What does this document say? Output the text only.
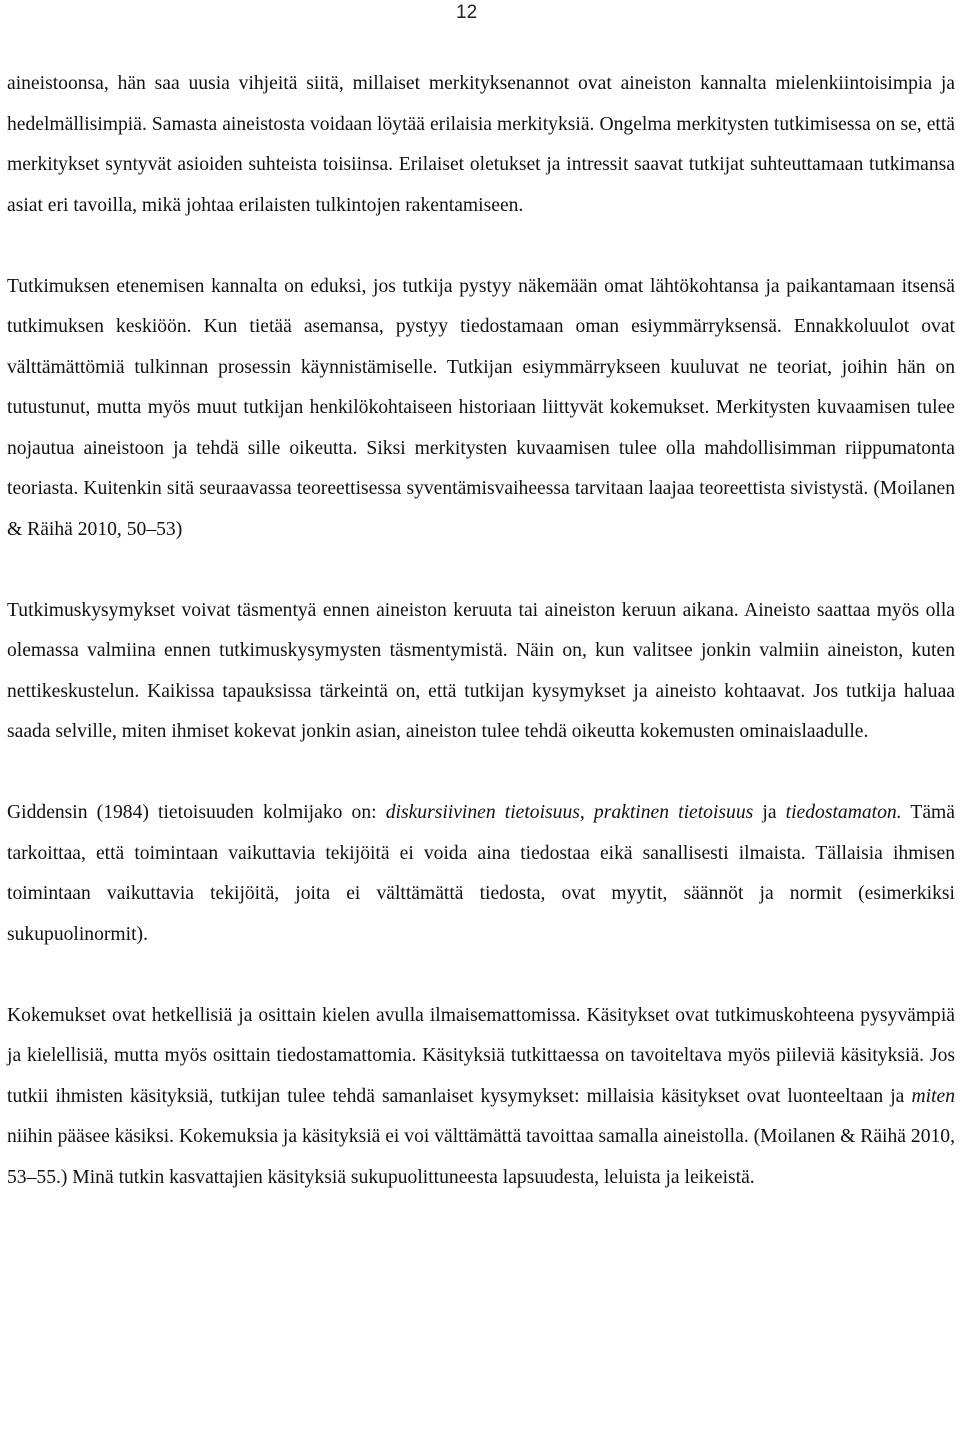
12

aineistoonsa, hän saa uusia vihjeitä siitä, millaiset merkityksenannot ovat aineiston kannalta mielenkiintoisimpia ja hedelmällisimpiä. Samasta aineistosta voidaan löytää erilaisia merkityksiä. Ongelma merkitysten tutkimisessa on se, että merkitykset syntyvät asioiden suhteista toisiinsa. Erilaiset oletukset ja intressit saavat tutkijat suhteuttamaan tutkimansa asiat eri tavoilla, mikä johtaa erilaisten tulkintojen rakentamiseen.

Tutkimuksen etenemisen kannalta on eduksi, jos tutkija pystyy näkemään omat lähtökohtansa ja paikantamaan itsensä tutkimuksen keskiöön. Kun tietää asemansa, pystyy tiedostamaan oman esiymmärryksensä. Ennakkoluulot ovat välttämättömiä tulkinnan prosessin käynnistämiselle. Tutkijan esiymmärrykseen kuuluvat ne teoriat, joihin hän on tutustunut, mutta myös muut tutkijan henkilökohtaiseen historiaan liittyvät kokemukset. Merkitysten kuvaamisen tulee nojautua aineistoon ja tehdä sille oikeutta. Siksi merkitysten kuvaamisen tulee olla mahdollisimman riippumatonta teoriasta. Kuitenkin sitä seuraavassa teoreettisessa syventämisvaiheessa tarvitaan laajaa teoreettista sivistystä. (Moilanen & Räihä 2010, 50–53)

Tutkimuskysymykset voivat täsmentyä ennen aineiston keruuta tai aineiston keruun aikana. Aineisto saattaa myös olla olemassa valmiina ennen tutkimuskysymysten täsmentymistä. Näin on, kun valitsee jonkin valmiin aineiston, kuten nettikeskustelun. Kaikissa tapauksissa tärkeintä on, että tutkijan kysymykset ja aineisto kohtaavat. Jos tutkija haluaa saada selville, miten ihmiset kokevat jonkin asian, aineiston tulee tehdä oikeutta kokemusten ominaislaadulle.

Giddensin (1984) tietoisuuden kolmijako on: diskursiivinen tietoisuus, praktinen tietoisuus ja tiedostamaton. Tämä tarkoittaa, että toimintaan vaikuttavia tekijöitä ei voida aina tiedostaa eikä sanallisesti ilmaista. Tällaisia ihmisen toimintaan vaikuttavia tekijöitä, joita ei välttämättä tiedosta, ovat myytit, säännöt ja normit (esimerkiksi sukupuolinormit).

Kokemukset ovat hetkellisiä ja osittain kielen avulla ilmaisemattomissa. Käsitykset ovat tutkimuskohteena pysyvämpiä ja kielellisiä, mutta myös osittain tiedostamattomia. Käsityksiä tutkittaessa on tavoiteltava myös piileviä käsityksiä. Jos tutkii ihmisten käsityksiä, tutkijan tulee tehdä samanlaiset kysymykset: millaisia käsitykset ovat luonteeltaan ja miten niihin pääsee käsiksi. Kokemuksia ja käsityksiä ei voi välttämättä tavoittaa samalla aineistolla. (Moilanen & Räihä 2010, 53–55.) Minä tutkin kasvattajien käsityksiä sukupuolittuneesta lapsuudesta, leluista ja leikeistä.
